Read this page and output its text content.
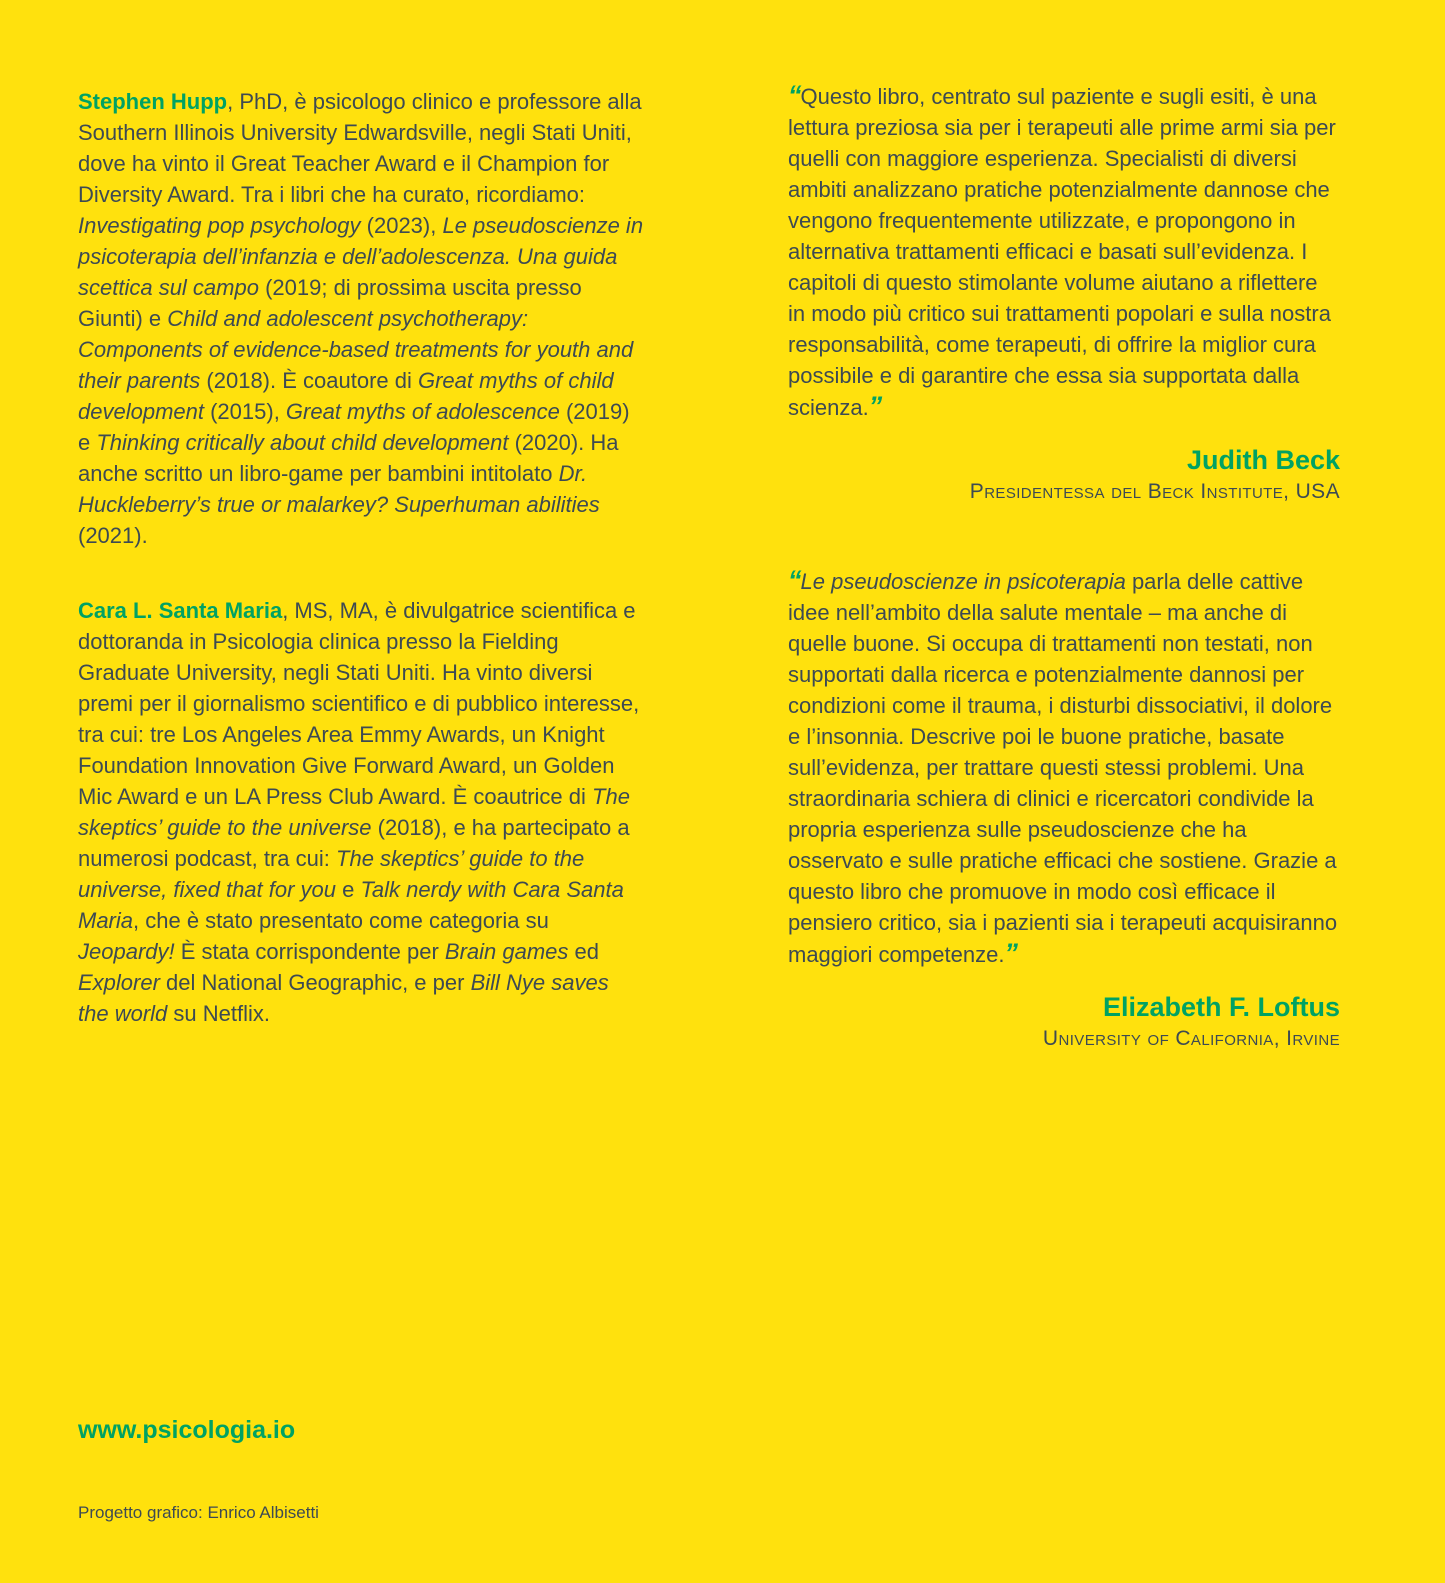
Stephen Hupp, PhD, è psicologo clinico e professore alla Southern Illinois University Edwardsville, negli Stati Uniti, dove ha vinto il Great Teacher Award e il Champion for Diversity Award. Tra i libri che ha curato, ricordiamo: Investigating pop psychology (2023), Le pseudoscienze in psicoterapia dell’infanzia e dell’adolescenza. Una guida scettica sul campo (2019; di prossima uscita presso Giunti) e Child and adolescent psychotherapy: Components of evidence-based treatments for youth and their parents (2018). È coautore di Great myths of child development (2015), Great myths of adolescence (2019) e Thinking critically about child development (2020). Ha anche scritto un libro-game per bambini intitolato Dr. Huckleberry’s true or malarkey? Superhuman abilities (2021).

Cara L. Santa Maria, MS, MA, è divulgatrice scientifica e dottoranda in Psicologia clinica presso la Fielding Graduate University, negli Stati Uniti. Ha vinto diversi premi per il giornalismo scientifico e di pubblico interesse, tra cui: tre Los Angeles Area Emmy Awards, un Knight Foundation Innovation Give Forward Award, un Golden Mic Award e un LA Press Club Award. È coautrice di The skeptics’ guide to the universe (2018), e ha partecipato a numerosi podcast, tra cui: The skeptics’ guide to the universe, fixed that for you e Talk nerdy with Cara Santa Maria, che è stato presentato come categoria su Jeopardy! È stata corrispondente per Brain games ed Explorer del National Geographic, e per Bill Nye saves the world su Netflix.

“Questo libro, centrato sul paziente e sugli esiti, è una lettura preziosa sia per i terapeuti alle prime armi sia per quelli con maggiore esperienza. Specialisti di diversi ambiti analizzano pratiche potenzialmente dannose che vengono frequentemente utilizzate, e propongono in alternativa trattamenti efficaci e basati sull’evidenza. I capitoli di questo stimolante volume aiutano a riflettere in modo più critico sui trattamenti popolari e sulla nostra responsabilità, come terapeuti, di offrire la miglior cura possibile e di garantire che essa sia supportata dalla scienza.”

Judith Beck
Presidentessa del Beck Institute, USA

“Le pseudoscienze in psicoterapia parla delle cattive idee nell’ambito della salute mentale – ma anche di quelle buone. Si occupa di trattamenti non testati, non supportati dalla ricerca e potenzialmente dannosi per condizioni come il trauma, i disturbi dissociativi, il dolore e l’insonnia. Descrive poi le buone pratiche, basate sull’evidenza, per trattare questi stessi problemi. Una straordinaria schiera di clinici e ricercatori condivide la propria esperienza sulle pseudoscienze che ha osservato e sulle pratiche efficaci che sostiene. Grazie a questo libro che promuove in modo così efficace il pensiero critico, sia i pazienti sia i terapeuti acquisiranno maggiori competenze.”

Elizabeth F. Loftus
University of California, Irvine
www.psicologia.io
Progetto grafico: Enrico Albisetti
